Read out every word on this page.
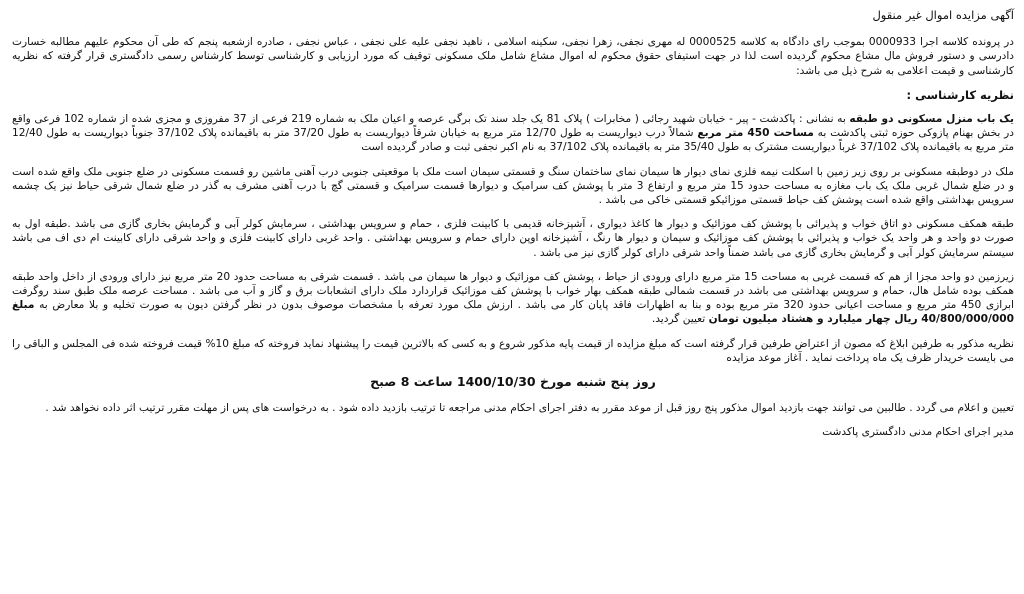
آگهی مزایده اموال غیر منقول

در پرونده کلاسه اجرا 0000933 بموجب رای دادگاه به کلاسه 0000525 له مهری نجفی، زهرا نجفی، سکینه اسلامی ، ناهید نجفی علیه علی نجفی ، عباس نجفی ، صادره ازشعبه پنجم که طی آن محکوم علیهم مطالبه خسارت دادرسی و دستور فروش مال مشاع محکوم گردیده است لذا در جهت استیفای حقوق محکوم له اموال مشاع شامل ملک مسکونی توقیف که مورد ارزیابی و کارشناسی توسط کارشناس رسمی دادگستری قرار گرفته که نظریه کارشناسی و قیمت اعلامی به شرح ذیل می باشد:

نظریه کارشناسی :

یک باب منزل مسکونی دو طبقه به نشانی : پاکدشت - پیر - خیابان شهید رجائی ( مخابرات ) پلاک 81 یک جلد سند تک برگی عرصه و اعیان ملک به شماره 219 فرعی از 37 مفروزی و مجزی شده از شماره 102 فرعی واقع در بخش بهنام پازوکی حوزه ثبتی پاکدشت به مساحت 450 متر مربع شمالاً درب دیواریست به طول 12/70 متر مربع به خیابان شرقاً دیواریست به طول 37/20 متر به باقیمانده پلاک 37/102 جنوباً دیواریست به طول 12/40 متر مربع به باقیمانده پلاک 37/102 غرباً دیواریست مشترک به طول 35/40 متر به باقیمانده پلاک 37/102 به نام اکبر نجفی ثبت و صادر گردیده است

ملک در دوطبقه مسکونی بر روی زیر زمین با اسکلت نیمه فلزی نمای دیوار ها سیمان نمای ساختمان سنگ و قسمتی سیمان است ملک با موقعیتی جنوبی درب آهنی ماشین رو قسمت مسکونی در ضلع جنوبی ملک واقع شده است و در ضلع شمال غربی ملک یک باب مغازه به مساحت حدود 15 متر مربع و ارتفاع 3 متر با پوشش کف سرامیک و دیوارها قسمت سرامیک و قسمتی گچ با درب آهنی مشرف به گذر در ضلع شمال شرقی حیاط نیز یک چشمه سرویس بهداشتی واقع شده است پوشش کف حیاط قسمتی موزائیکو قسمتی خاکی می باشد .

طبقه همکف مسکونی دو اتاق خواب و پذیرائی با پوشش کف موزائیک و دیوار ها کاغذ دیواری ، آشپزخانه قدیمی با کابینت فلزی ، حمام و سرویس بهداشتی ، سرمایش کولر آبی و گرمایش بخاری گازی می باشد .طبقه اول به صورت دو واحد و هر واحد یک خواب و پذیرائی با پوشش کف موزائیک و سیمان و دیوار ها رنگ ، آشپزخانه اوپن دارای حمام و سرویس بهداشتی . واحد غربی دارای کابینت فلزی و واحد شرقی دارای کابینت ام دی اف می باشد سیستم سرمایش کولر آبی و گرمایش بخاری گازی می باشد ضمناً واحد شرقی دارای کولر گازی نیز می باشد .

زیرزمین دو واحد مجزا از هم که قسمت غربی به مساحت 15 متر مربع دارای ورودی از حیاط ، پوشش کف موزائیک و دیوار ها سیمان می باشد . قسمت شرقی به مساحت حدود 20 متر مربع نیز دارای ورودی از داخل واحد طبقه همکف بوده شامل هال، حمام و سرویس بهداشتی می باشد در قسمت شمالی طبقه همکف بهار خواب با پوشش کف موزائیک قراردارد ملک دارای انشعابات برق و گاز و آب می باشد . مساحت عرصه ملک طبق سند روگرفت ابرازی 450 متر مربع و مساحت اعیانی حدود 320 متر مربع بوده و بنا به اظهارات فاقد پایان کار می باشد . ارزش ملک مورد تعرفه با مشخصات موصوف بدون در نظر گرفتن دیون به صورت تخلیه و بلا معارض به مبلغ 40/800/000/000 ریال چهار میلیارد و هشتاد میلیون تومان تعیین گردید.

نظریه مذکور به طرفین ابلاغ که مصون از اعتراض طرفین قرار گرفته است که مبلغ مزایده از قیمت پایه مذکور شروع و به کسی که بالاترین قیمت را پیشنهاد نماید فروخته که مبلغ 10% قیمت فروخته شده فی المجلس و الباقی را می بایست خریدار ظرف یک ماه پرداخت نماید . آغاز موعد مزایده

روز پنج شنبه مورخ 1400/10/30 ساعت 8 صبح

تعیین و اعلام می گردد . طالبین می توانند جهت بازدید اموال مذکور پنج روز قبل از موعد مقرر به دفتر اجرای احکام مدنی مراجعه تا ترتیب بازدید داده شود . به درخواست های پس از مهلت مقرر ترتیب اثر داده نخواهد شد .

مدیر اجرای احکام مدنی دادگستری پاکدشت
